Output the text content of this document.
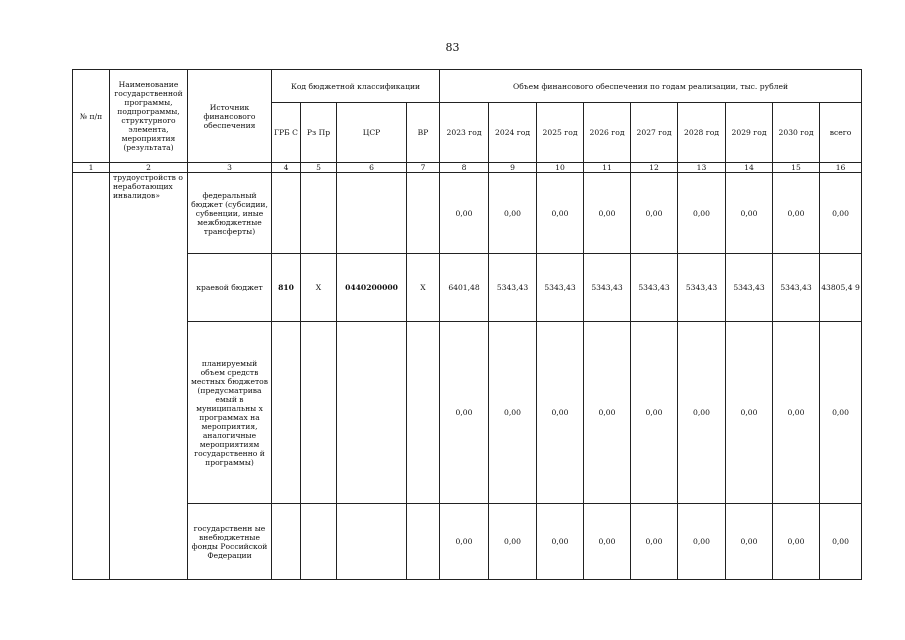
83
№ п/п	Наименование государственной программы, подпрограммы, структурного элемента, мероприятия (результата)	Источник финансового обеспечения	Код бюджетной классификации				Объем финансового обеспечения по годам реализации, тыс. рублей								
			ГРБ С	Рз Пр	ЦСР	ВР	2023 год	2024 год	2025 год	2026 год	2027 год	2028 год	2029 год	2030 год	всего
1	2	3	4	5	6	7	8	9	10	11	12	13	14	15	16
	трудоустройств о неработающих инвалидов»	федеральный бюджет (субсидии, субвенции, иные межбюджетные трансферты)					0,00	0,00	0,00	0,00	0,00	0,00	0,00	0,00	0,00
		краевой бюджет	810	Х	0440200000	Х	6401,48	5343,43	5343,43	5343,43	5343,43	5343,43	5343,43	5343,43	43805,4 9
		планируемый объем средств местных бюджетов (предусматрива емый в муниципальны х программах на мероприятия, аналогичные мероприятиям государственно й программы)					0,00	0,00	0,00	0,00	0,00	0,00	0,00	0,00	0,00
		государственн ые внебюджетные фонды Российской Федерации					0,00	0,00	0,00	0,00	0,00	0,00	0,00	0,00	0,00
